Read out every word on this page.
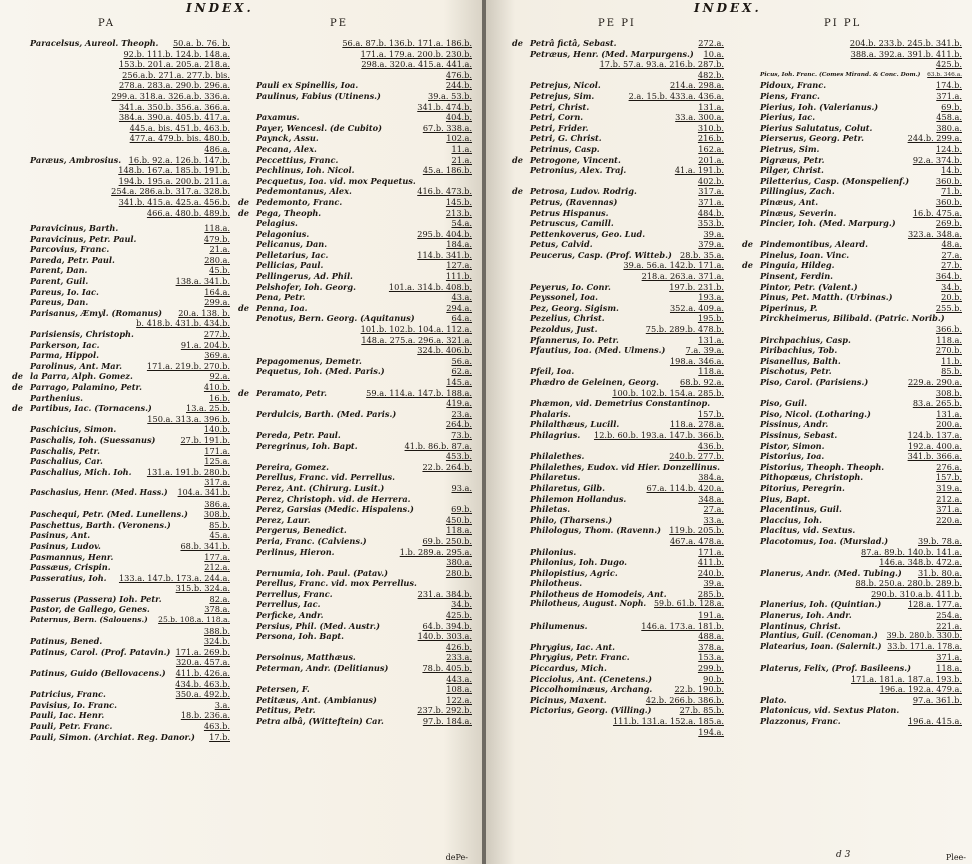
INDEX.
PA	PE
Paracelsus, Aureol. Theoph. 50.a. b. 76. b.
92.b. 111.b. 124.b. 148.a.
153.b. 201.a. 205.a. 218.a.
256.a.b. 271.a. 277.b. bis.
278.a. 283.a. 290.b. 296.a.
299.a. 318.a. 326.a.b. 336.a.
341.a. 350.b. 356.a. 366.a.
384.a. 390.a. 405.b. 417.a.
445.a. bis. 451.b. 463.b.
477.a. 479.b. bis. 480.b.
486.a.
Paræus, Ambrosius. 16.b. 92.a. 126.b. 147.b.
148.b. 167.a. 185.b. 191.b.
194.b. 195.a. 200.b. 211.a.
254.a. 286.a.b. 317.a. 328.b.
341.b. 415.a. 425.a. 456.b.
466.a. 480.b. 489.b.
Paravicinus, Barth.	118.a.
Paravicinus, Petr. Paul.	479.b.
Parcovius, Franc.	21.a.
Pareda, Petr. Paul.	280.a.
Parent, Dan.	45.b.
Parent, Guil.	138.a. 341.b.
Pareus, Io. Iac.	164.a.
Pareus, Dan.	299.a.
Parisanus, Æmyl. (Romanus) 20.a. 138. b.
b. 418.b. 431.b. 434.b.
Parisiensis, Christoph.	277.b.
Parkerson, Iac.	91.a. 204.b.
Parma, Hippol.	369.a.
Parolinus, Ant. Mar.	171.a. 219.b. 270.b.
de la Parra, Alph. Gomez.	92.a.
de Parrago, Palamino, Petr.	410.b.
Parthenius.	16.b.
de Partibus, Iac. (Tornacens.)	13.a. 25.b.
150.a. 313.a. 396.b.
Paschicius, Simon.	140.b.
Paschalis, Ioh. (Suessanus)	27.b. 191.b.
Paschalis, Petr.	171.a.
Paschalius, Car.	125.a.
Paschalius, Mich. Ioh. 131.a. 191.b. 280.b.
317.a.
Paschasius, Henr. (Med. Hass.) 104.a. 341.b.
386.a.
Paschequi, Petr. (Med. Lunellens.) 308.b.
Paschettus, Barth. (Veronens.)	85.b.
Pasinus, Ant.	45.a.
Pasinus, Ludov.	68.b. 341.b.
Pasmannus, Henr.	177.a.
Passæus, Crispin.	212.a.
Passeratius, Ioh. 133.a. 147.b. 173.a. 244.a.
315.b. 324.a.
Passerus (Passera) Ioh. Petr.	82.a.
Pastor, de Gallego, Genes.	378.a.
Paternus, Bern. (Salouens.) 25.b. 108.a. 118.a.
388.b.
Patinus, Bened.	324.b.
Patinus, Carol. (Prof. Patavin.) 171.a. 269.b.
320.a. 457.a.
Patinus, Guido (Bellovacens.) 411.b. 426.a.
434.b. 463.b.
Patricius, Franc.	350.a. 492.b.
Pavisius, Io. Franc.	3.a.
Pauli, Iac. Henr.	18.b. 236.a.
Pauli, Petr. Franc.	463.b.
Pauli, Simon. (Archiat. Reg. Danor.) 17.b.
56.a. 87.b. 136.b. 171.a. 186.b.
171.a. 179.a. 200.b. 230.b.
298.a. 320.a. 415.a. 441.a.
476.b.
Pauli ex Spinellis, Ioa.	244.b.
Paulinus, Fabius (Utinens.)	39.a. 53.b.
341.b. 474.b.
Paxamus.	404.b.
Payer, Wencesl. (de Cubito)	67.b. 338.a.
Paynck, Assu.	102.a.
Pecana, Alex.	11.a.
Peccettius, Franc.	21.a.
Pechlinus, Ioh. Nicol.	45.a. 186.b.
Pecquetus, Ioa. vid. mox Pequetus.
Pedemontanus, Alex.	416.b. 473.b.
de Pedemonto, Franc.	145.b.
de Pega, Theoph.	213.b.
Pelagius.	54.a.
Pelagonius.	295.b. 404.b.
Pelicanus, Dan.	184.a.
Pelletarius, Iac.	114.b. 341.b.
Pellicias, Paul.	127.a.
Pellingerus, Ad. Phil.	111.b.
Pelshofer, Ioh. Georg.	101.a. 314.b. 408.b.
Pena, Petr.	43.a.
de Penna, Ioa.	294.a.
Penotus, Bern. Georg. (Aquitanus)	64.a.
101.b. 102.b. 104.a. 112.a.
148.a. 275.a. 296.a. 321.a.
324.b. 406.b.
Pepagomenus, Demetr.	56.a.
Pequetus, Ioh. (Med. Paris.)	62.a.
145.a.
de Peramato, Petr.	59.a. 114.a. 147.b. 188.a.
419.a.
Perdulcis, Barth. (Med. Paris.)	23.a.
264.b.
Pereda, Petr. Paul.	73.b.
Peregrinus, Ioh. Bapt.	41.b. 86.b. 87.a.
453.b.
Pereira, Gomez.	22.b. 264.b.
Perellus, Franc. vid. Perrellus.
Perez, Ant. (Chirurg. Lusit.)	93.a.
Perez, Christoph. vid. de Herrera.
Perez, Garsias (Medic. Hispalens.)	69.b.
Perez, Laur.	450.b.
Pergerus, Benedict.	118.a.
Peria, Franc. (Calviens.)	69.b. 250.b.
Perlinus, Hieron.	1.b. 289.a. 295.a.
380.a.
Pernumia, Ioh. Paul. (Patav.)	280.b.
Perellus, Franc. vid. mox Perrellus.
Perrellus, Franc.	231.a. 384.b.
Perrellus, Iac.	34.b.
Perficke, Andr.	425.b.
Persius, Phil. (Med. Austr.)	64.b. 394.b.
Persona, Ioh. Bapt.	140.b. 303.a.
426.b.
Persoinus, Matthæus.	233.a.
Peterman, Andr. (Delitianus)	78.b. 405.b.
443.a.
Petersen, F.	108.a.
Petitæus, Ant. (Ambianus)	122.a.
Petitus, Petr.	237.b. 292.b.
Petra albâ, (Witteftein) Car.	97.b. 184.a.
dePe-
INDEX.
PE PI	PI PL
de Petrâ fictâ, Sebast.	272.a.
Petræus, Henr. (Med. Marpurgens.) 10.a.
17.b. 57.a. 93.a. 216.b. 287.b.
482.b.
Petrejus, Nicol.	214.a. 298.a.
Petrejus, Sim.	2.a. 15.b. 433.a. 436.a.
Petri, Christ.	131.a.
Petri, Corn.	33.a. 300.a.
Petri, Frider.	310.b.
Petri, G. Christ.	216.b.
Petrinus, Casp.	162.a.
de Petrogone, Vincent.	201.a.
Petronius, Alex. Traj.	41.a. 191.b.
402.b.
de Petrosa, Ludov. Rodrig.	317.a.
Petrus, (Ravennas)	371.a.
Petrus Hispanus.	484.b.
Petruscus, Camill.	353.b.
Pettenkoverus, Geo. Lud.	39.a.
Petus, Calvid.	379.a.
Peucerus, Casp. (Prof. Witteb.) 28.b. 35.a.
39.a. 56.a. 142.b. 171.a.
218.a. 263.a. 371.a.
Peyerus, Io. Conr.	197.b. 231.b.
Peyssonel, Ioa.	193.a.
Pez, Georg. Sigism.	352.a. 409.a.
Pezelius, Christ.	195.b.
Pezoldus, Just.	75.b. 289.b. 478.b.
Pfannerus, Io. Petr.	131.a.
Pfautius, Ioa. (Med. Ulmens.) 7.a. 39.a.
198.a. 346.a.
Pfeil, Ioa.	118.a.
Phædro de Geleinen, Georg.	68.b. 92.a.
100.b. 102.b. 154.a. 285.b.
Phæmon, vid. Demetrius Constantinop.
Phalaris.	157.b.
Philalthæus, Lucill.	118.a. 278.a.
Philagrius. 12.b. 60.b. 193.a. 147.b. 366.b.
436.b.
Philalethes.	240.b. 277.b.
Philalethes, Eudox. vid Hier. Donzellinus.
Philaretus.	384.a.
Philaretus, Gilb.	67.a. 114.b. 420.a.
Philemon Hollandus.	348.a.
Philetas.	27.a.
Philo, (Tharsens.)	33.a.
Philologus, Thom. (Ravenn.) 119.b. 205.b.
467.a. 478.a.
Philonius.	171.a.
Philonius, Ioh. Dugo.	411.b.
Philopistius, Agric.	240.b.
Philotheus.	39.a.
Philotheus de Homodeis, Ant.	285.b.
Philotheus, August. Noph. 59.b. 61.b. 128.a.
191.a.
Philumenus.	146.a. 173.a. 181.b.
488.a.
Phrygius, Iac. Ant.	378.a.
Phrygius, Petr. Franc.	153.a.
Piccardus, Mich.	299.b.
Picciolus, Ant. (Cenetens.)	90.b.
Piccolhominæus, Archang.	22.b. 190.b.
Picinus, Maxent.	42.b. 266.b. 386.b.
Pictorius, Georg. (Villing.)	27.b. 85.b.
111.b. 131.a. 152.a. 185.a.
194.a.
204.b. 233.b. 245.b. 341.b.
388.a. 392.a. 391.b. 411.b.
425.b.
Picus, Ioh. Franc. (Comes Mirand. & Conc. Dom.) 63.b. 346.a.
Pidoux, Franc.	174.b.
Piens, Franc.	371.a.
Pierius, Ioh. (Valerianus.)	69.b.
Pierius, Iac.	458.a.
Pierius Salutatus, Colut.	380.a.
Pierserus, Georg. Petr.	244.b. 299.a.
Pietrus, Sim.	124.b.
Pigræus, Petr.	92.a. 374.b.
Pilger, Christ.	14.b.
Piletterius, Casp. (Monspelienf.)	360.b.
Pillingius, Zach.	71.b.
Pinæus, Ant.	360.b.
Pinæus, Severin.	16.b. 475.a.
Pincier, Ioh. (Med. Marpurg.)	269.b.
323.a. 348.a.
de Pindemontibus, Aleard.	48.a.
Pinelus, Ioan. Vinc.	27.a.
de Pinguia, Hildeg.	27.b.
Pinsent, Ferdin.	364.b.
Pintor, Petr. (Valent.)	34.b.
Pinus, Pet. Matth. (Urbinas.)	20.b.
Piperinus, P.	255.b.
Pirckheimerus, Bilibald. (Patric. Norib.)
366.b.
Pirchpachius, Casp.	118.a.
Piribachius, Tob.	270.b.
Pisanellus, Balth.	11.b.
Pischotus, Petr.	85.b.
Piso, Carol. (Parisiens.)	229.a. 290.a.
308.b.
Piso, Guil.	83.a. 265.b.
Piso, Nicol. (Lotharing.)	131.a.
Pissinus, Andr.	200.a.
Pissinus, Sebast.	124.b. 137.a.
Pistor, Simon.	192.a. 400.a.
Pistorius, Ioa.	341.b. 366.a.
Pistorius, Theoph. Theoph.	276.a.
Pithopœus, Christoph.	157.b.
Pitorius, Peregrin.	319.a.
Pius, Bapt.	212.a.
Placentinus, Guil.	371.a.
Placcius, Ioh.	220.a.
Placitus, vid. Sextus.
Placotomus, Ioa. (Murslad.)	39.b. 78.a.
87.a. 89.b. 140.b. 141.a.
146.a. 348.b. 472.a.
Planerus, Andr. (Med. Tubing.) 31.b. 80.a.
88.b. 250.a. 280.b. 289.b.
290.b. 310.a.b. 411.b.
Planerius, Ioh. (Quintian.)	128.a. 177.a.
Planerus, Ioh. Andr.	254.a.
Plantinus, Christ.	221.a.
Plantius, Guil. (Cenoman.) 39.b. 280.b. 330.b.
Platearius, Ioan. (Salernit.) 33.b. 171.a. 178.a.
371.a.
Platerus, Felix, (Prof. Basileens.)	118.a.
171.a. 181.a. 187.a. 193.b.
196.a. 192.a. 479.a.
Plato.	97.a. 361.b.
Platonicus, vid. Sextus Platon.
Plazzonus, Franc.	196.a. 415.a.
d 3	Plee-
